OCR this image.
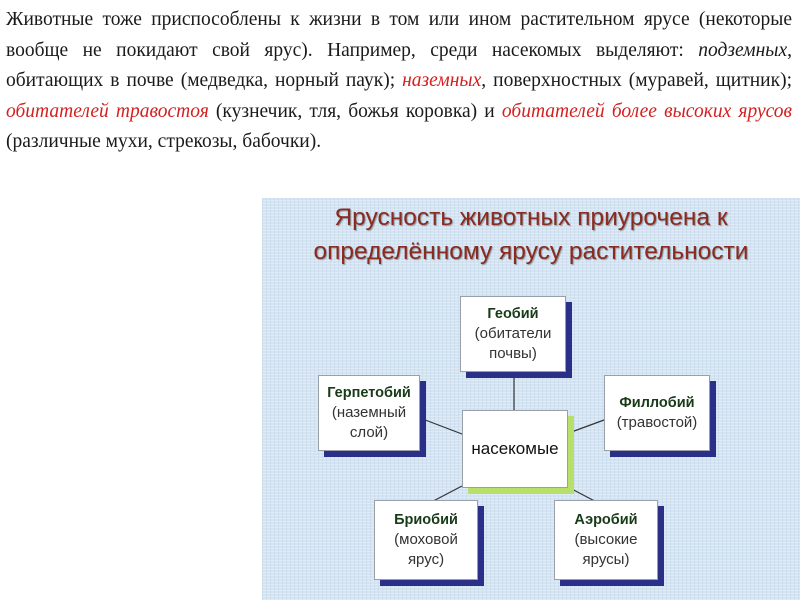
Животные тоже приспособлены к жизни в том или ином растительном ярусе (некоторые вообще не покидают свой ярус). Например, среди насекомых выделяют: подземных, обитающих в почве (медведка, норный паук); наземных, поверхностных (муравей, щитник); обитателей травостоя (кузнечик, тля, божья коровка) и обитателей более высоких ярусов (различные мухи, стрекозы, бабочки).

Ярусность животных приурочена к
определённому ярусу растительности
Геобий
(обитатели
почвы)
Герпетобий
(наземный
слой)
Филлобий
(травостой)
насекомые
Бриобий
(моховой
ярус)
Аэробий
(высокие
ярусы)
